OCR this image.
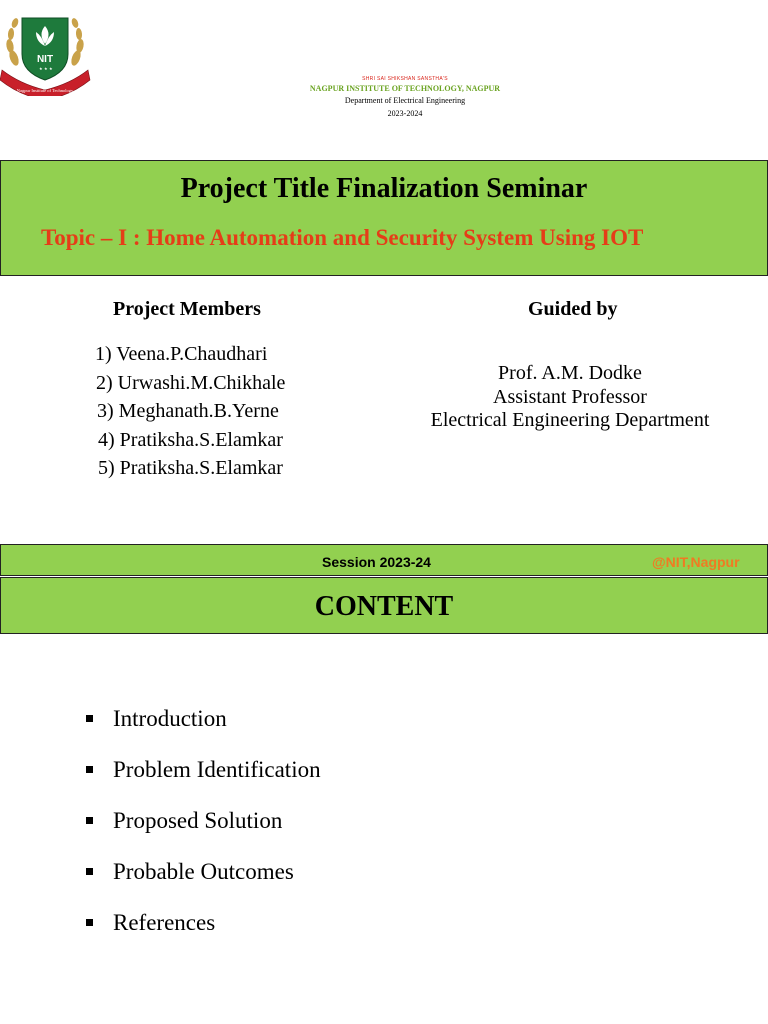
NIT
★ ★ ★
Nagpur Institute of Technology
SHRI SAI SHIKSHAN SANSTHA'S
NAGPUR INSTITUTE OF TECHNOLOGY, NAGPUR
Department of Electrical Engineering
2023-2024
Project Title Finalization Seminar
Topic – I : Home Automation and Security System Using IOT
Project Members
1) Veena.P.Chaudhari
2) Urwashi.M.Chikhale
3) Meghanath.B.Yerne
4) Pratiksha.S.Elamkar
5) Pratiksha.S.Elamkar
Guided by
Prof. A.M. Dodke
Assistant Professor
Electrical Engineering Department
Session 2023-24	@NIT,Nagpur
CONTENT
Introduction
Problem Identification
Proposed Solution
Probable Outcomes
References
